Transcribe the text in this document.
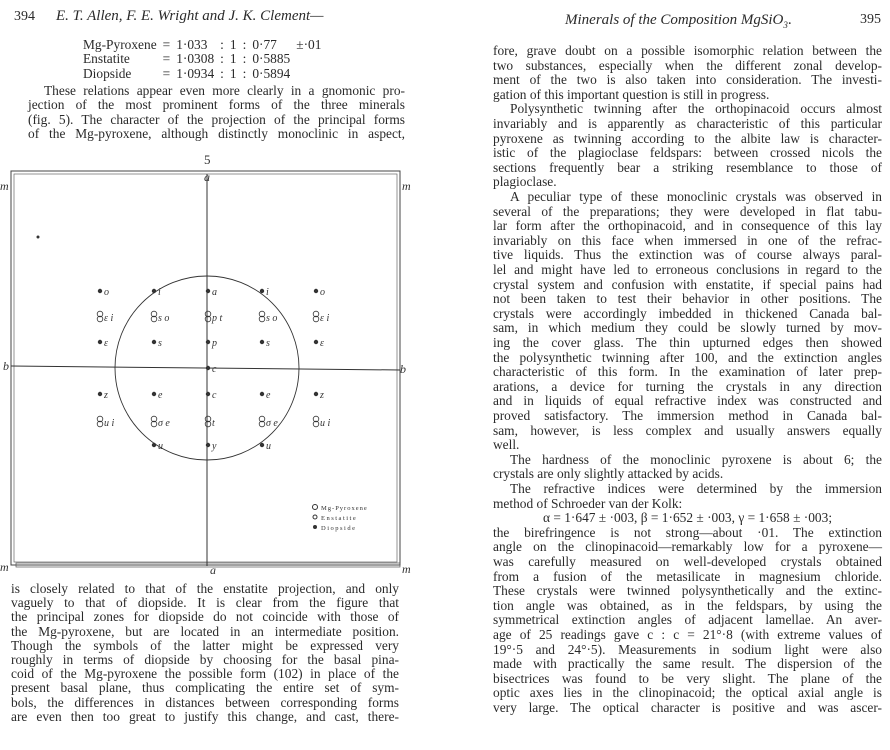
394 E. T. Allen, F. E. Wright and J. K. Clement—
Mg-Pyroxene	=	1·033	:	1	:	0·77	±·01
Enstatite	=	1·0308	:	1	:	0·5885	
Diopside	=	1·0934	:	1	:	0·5894	
These relations appear even more clearly in a gnomonic pro-
jection of the most prominent forms of the three minerals
(fig. 5). The character of the projection of the principal forms
of the Mg-pyroxene, although distinctly monoclinic in aspect,
5
a
a
b	b
m	m
m	m
o	i	a	i	o
ε i	s o	p t	s o	ε i
ε	s	p	s	ε
c
z	e	c	e	z
u i	σ e	t	σ e	u i
u	y	u
Mg-Pyroxene
Enstatite
Diopside
is closely related to that of the enstatite projection, and only
vaguely to that of diopside. It is clear from the figure that
the principal zones for diopside do not coincide with those of
the Mg-pyroxene, but are located in an intermediate position.
Though the symbols of the latter might be expressed very
roughly in terms of diopside by choosing for the basal pina-
coid of the Mg-pyroxene the possible form (102) in place of the
present basal plane, thus complicating the entire set of sym-
bols, the differences in distances between corresponding forms
are even then too great to justify this change, and cast, there-
Minerals of the Composition MgSiO$_3$.	395
fore, grave doubt on a possible isomorphic relation between the
two substances, especially when the different zonal develop-
ment of the two is also taken into consideration. The investi-
gation of this important question is still in progress.
Polysynthetic twinning after the orthopinacoid occurs almost
invariably and is apparently as characteristic of this particular
pyroxene as twinning according to the albite law is character-
istic of the plagioclase feldspars: between crossed nicols the
sections frequently bear a striking resemblance to those of
plagioclase.
A peculiar type of these monoclinic crystals was observed in
several of the preparations; they were developed in flat tabu-
lar form after the orthopinacoid, and in consequence of this lay
invariably on this face when immersed in one of the refrac-
tive liquids. Thus the extinction was of course always paral-
lel and might have led to erroneous conclusions in regard to the
crystal system and confusion with enstatite, if special pains had
not been taken to test their behavior in other positions. The
crystals were accordingly imbedded in thickened Canada bal-
sam, in which medium they could be slowly turned by mov-
ing the cover glass. The thin upturned edges then showed
the polysynthetic twinning after 100, and the extinction angles
characteristic of this form. In the examination of later prep-
arations, a device for turning the crystals in any direction
and in liquids of equal refractive index was constructed and
proved satisfactory. The immersion method in Canada bal-
sam, however, is less complex and usually answers equally
well.
The hardness of the monoclinic pyroxene is about 6; the
crystals are only slightly attacked by acids.
The refractive indices were determined by the immersion
method of Schroeder van der Kolk:
α = 1·647 ± ·003, β = 1·652 ± ·003, γ = 1·658 ± ·003;
the birefringence is not strong—about ·01. The extinction
angle on the clinopinacoid—remarkably low for a pyroxene—
was carefully measured on well-developed crystals obtained
from a fusion of the metasilicate in magnesium chloride.
These crystals were twinned polysynthetically and the extinc-
tion angle was obtained, as in the feldspars, by using the
symmetrical extinction angles of adjacent lamellae. An aver-
age of 25 readings gave c : c = 21°·8 (with extreme values of
19°·5 and 24°·5). Measurements in sodium light were also
made with practically the same result. The dispersion of the
bisectrices was found to be very slight. The plane of the
optic axes lies in the clinopinacoid; the optical axial angle is
very large. The optical character is positive and was ascer-
